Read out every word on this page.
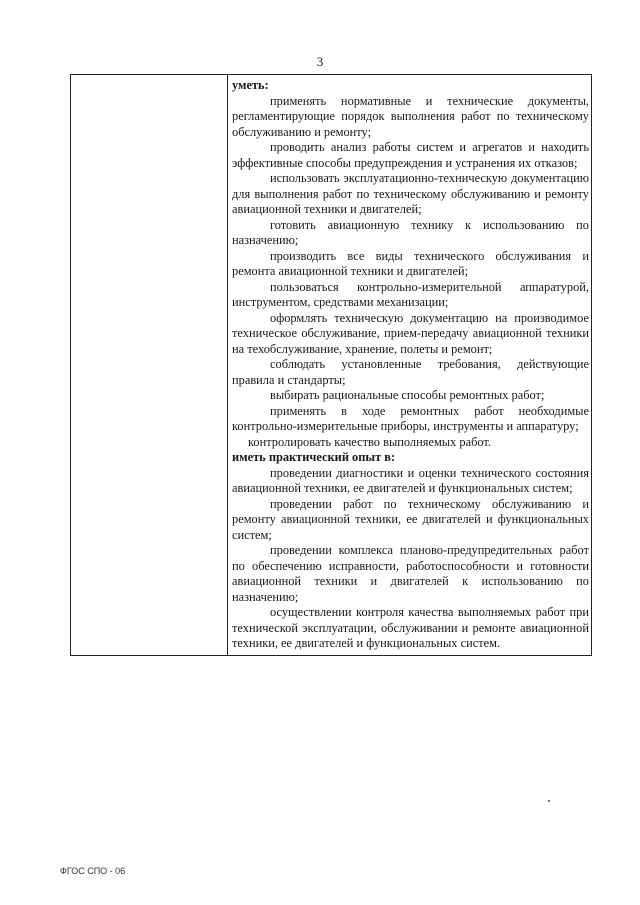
3

уметь:

применять нормативные и технические документы, регламентирующие порядок выполнения работ по техническому обслуживанию и ремонту;

проводить анализ работы систем и агрегатов и находить эффективные способы предупреждения и устранения их отказов;

использовать эксплуатационно-техническую документацию для выполнения работ по техническому обслуживанию и ремонту авиационной техники и двигателей;

готовить авиационную технику к использованию по назначению;

производить все виды технического обслуживания и ремонта авиационной техники и двигателей;

пользоваться контрольно-измерительной аппаратурой, инструментом, средствами механизации;

оформлять техническую документацию на производимое техническое обслуживание, прием-передачу авиационной техники на техобслуживание, хранение, полеты и ремонт;

соблюдать установленные требования, действующие правила и стандарты;

выбирать рациональные способы ремонтных работ;

применять в ходе ремонтных работ необходимые контрольно-измерительные приборы, инструменты и аппаратуру;

контролировать качество выполняемых работ.

иметь практический опыт в:

проведении диагностики и оценки технического состояния авиационной техники, ее двигателей и функциональных систем;

проведении работ по техническому обслуживанию и ремонту авиационной техники, ее двигателей и функциональных систем;

проведении комплекса планово-предупредительных работ по обеспечению исправности, работоспособности и готовности авиационной техники и двигателей к использованию по назначению;

осуществлении контроля качества выполняемых работ при технической эксплуатации, обслуживании и ремонте авиационной техники, ее двигателей и функциональных систем.

ФГОС СПО - 06
